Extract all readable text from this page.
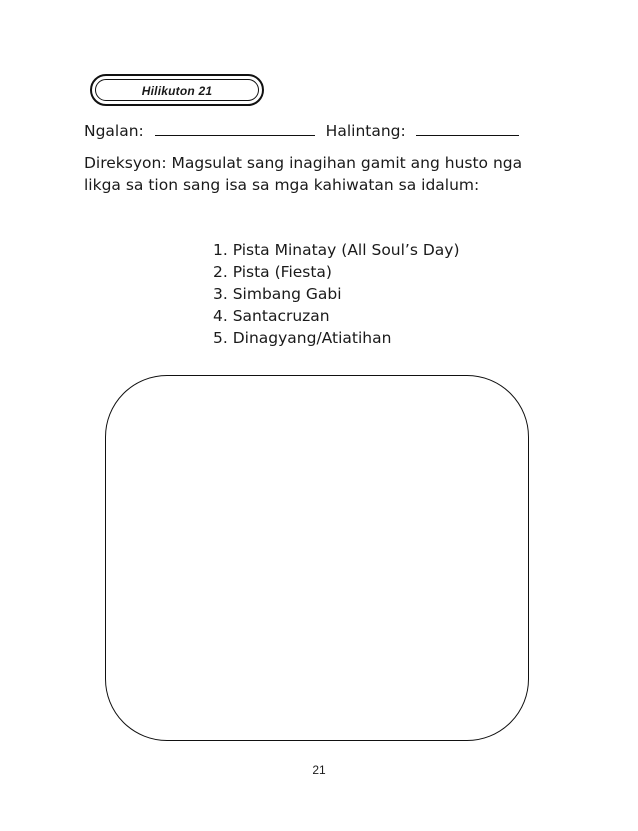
Hilikuton 21
Ngalan:	Halintang:

Direksyon: Magsulat sang inagihan gamit ang husto nga likga sa tion sang isa sa mga kahiwatan sa idalum:

1. Pista Minatay (All Soul’s Day)
2. Pista (Fiesta)
3. Simbang Gabi
4. Santacruzan
5. Dinagyang/Atiatihan
21
